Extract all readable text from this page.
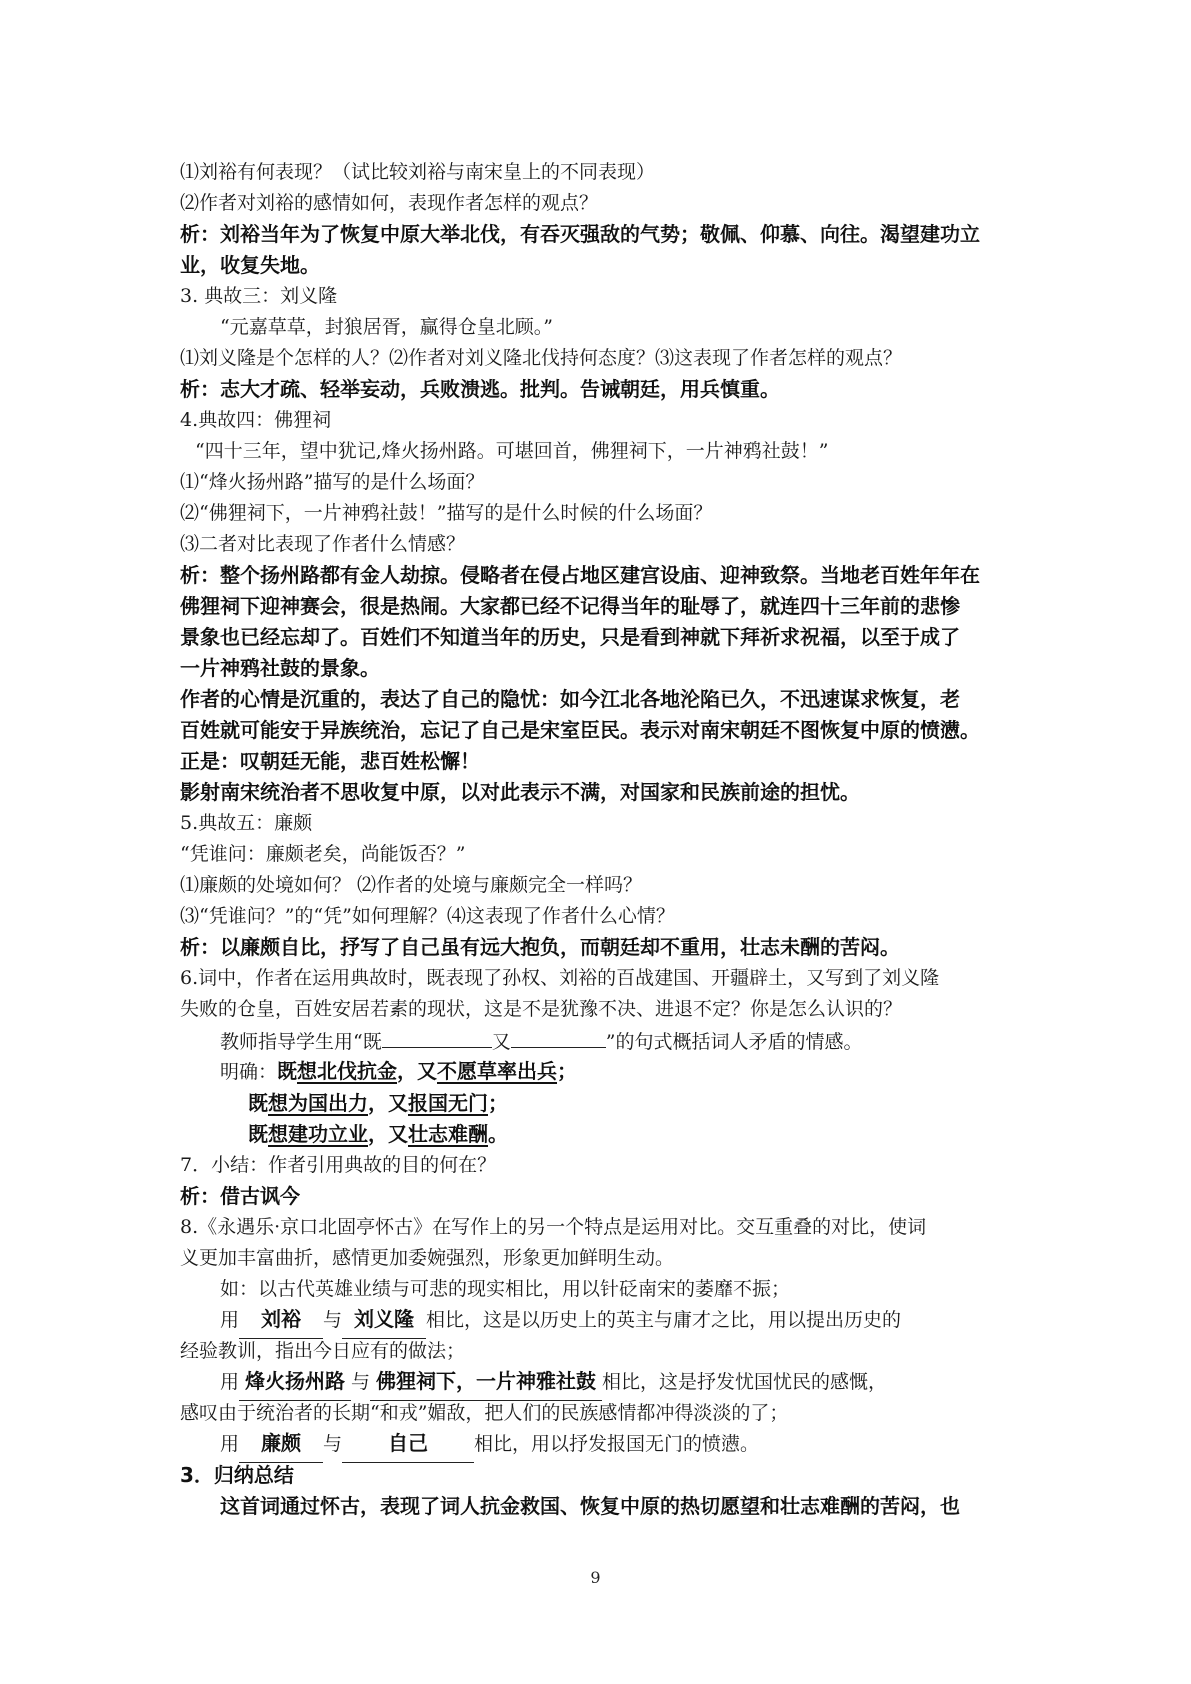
⑴刘裕有何表现？（试比较刘裕与南宋皇上的不同表现）

⑵作者对刘裕的感情如何，表现作者怎样的观点？

析：刘裕当年为了恢复中原大举北伐，有吞灭强敌的气势；敬佩、仰慕、向往。渴望建功立

业，收复失地。

3. 典故三：刘义隆

“元嘉草草，封狼居胥，赢得仓皇北顾。”

⑴刘义隆是个怎样的人？⑵作者对刘义隆北伐持何态度？⑶这表现了作者怎样的观点？

析：志大才疏、轻举妄动，兵败溃逃。批判。告诫朝廷，用兵慎重。

4.典故四：佛狸祠

“四十三年，望中犹记,烽火扬州路。可堪回首，佛狸祠下，一片神鸦社鼓！”

⑴“烽火扬州路”描写的是什么场面？

⑵“佛狸祠下，一片神鸦社鼓！”描写的是什么时候的什么场面？

⑶二者对比表现了作者什么情感？

析：整个扬州路都有金人劫掠。侵略者在侵占地区建宫设庙、迎神致祭。当地老百姓年年在

佛狸祠下迎神赛会，很是热闹。大家都已经不记得当年的耻辱了，就连四十三年前的悲惨

景象也已经忘却了。百姓们不知道当年的历史，只是看到神就下拜祈求祝福，以至于成了

一片神鸦社鼓的景象。

作者的心情是沉重的，表达了自己的隐忧：如今江北各地沦陷已久，不迅速谋求恢复，老

百姓就可能安于异族统治，忘记了自己是宋室臣民。表示对南宋朝廷不图恢复中原的愤懑。

正是：叹朝廷无能，悲百姓松懈！

影射南宋统治者不思收复中原，以对此表示不满，对国家和民族前途的担忧。

5.典故五：廉颇

“凭谁问：廉颇老矣，尚能饭否？”

⑴廉颇的处境如何？ ⑵作者的处境与廉颇完全一样吗？

⑶“凭谁问？”的“凭”如何理解？⑷这表现了作者什么心情？

析：以廉颇自比，抒写了自己虽有远大抱负，而朝廷却不重用，壮志未酬的苦闷。

6.词中，作者在运用典故时，既表现了孙权、刘裕的百战建国、开疆辟土，又写到了刘义隆

失败的仓皇，百姓安居若素的现状，这是不是犹豫不决、进退不定？你是怎么认识的？

教师指导学生用“既	又	”的句式概括词人矛盾的情感。

明确：既想北伐抗金，又不愿草率出兵；

既想为国出力，又报国无门；

既想建功立业，又壮志难酬。

7．小结：作者引用典故的目的何在？

析：借古讽今

8.《永遇乐·京口北固亭怀古》在写作上的另一个特点是运用对比。交互重叠的对比，使词

义更加丰富曲折，感情更加委婉强烈，形象更加鲜明生动。

如：以古代英雄业绩与可悲的现实相比，用以针砭南宋的萎靡不振；

用 刘裕 与 刘义隆 相比，这是以历史上的英主与庸才之比，用以提出历史的

经验教训，指出今日应有的做法；

用 烽火扬州路 与 佛狸祠下，一片神雅社鼓 相比，这是抒发忧国忧民的感慨，

感叹由于统治者的长期“和戎”媚敌，把人们的民族感情都冲得淡淡的了；

用 廉颇 与 自己 相比，用以抒发报国无门的愤懑。

3．归纳总结

这首词通过怀古，表现了词人抗金救国、恢复中原的热切愿望和壮志难酬的苦闷，也

9
